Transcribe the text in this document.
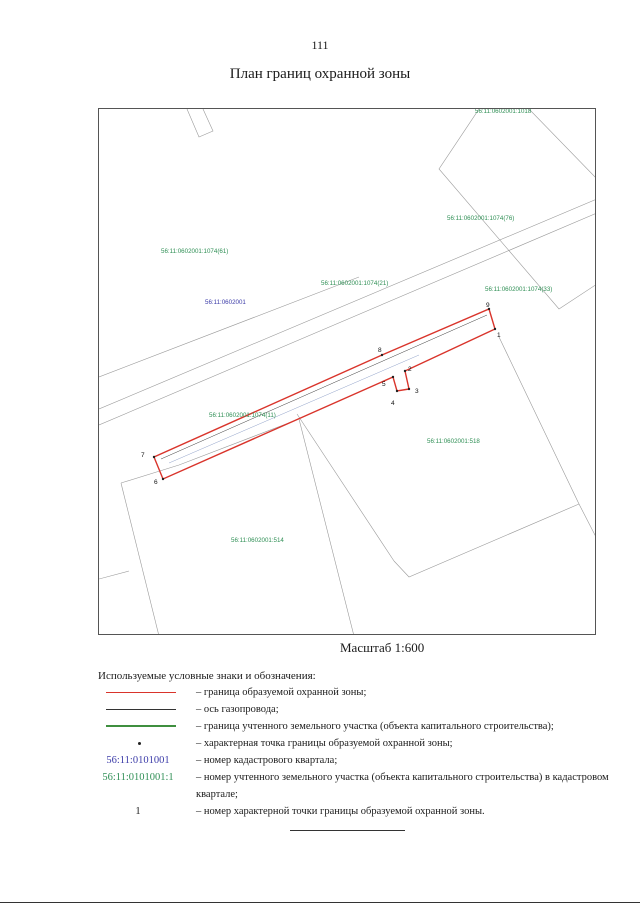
111
План границ охранной зоны
1
2
3
4
5
6
7
8
9
56:11:0602001:1018
56:11:0602001:1074(76)
56:11:0602001:1074(61)
56:11:0602001:1074(21)
56:11:0602001:1074(33)
56:11:0602001
56:11:0602001:1074(11)
56:11:0602001:518
56:11:0602001:514
Масштаб 1:600
Используемые условные знаки и обозначения:
– граница образуемой охранной зоны;
– ось газопровода;
– граница учтенного земельного участка (объекта капитального строительства);
– характерная точка границы образуемой охранной зоны;
56:11:0101001	– номер кадастрового квартала;
56:11:0101001:1	– номер учтенного земельного участка (объекта капитального строительства) в кадастровом квартале;
1	– номер характерной точки границы образуемой охранной зоны.
